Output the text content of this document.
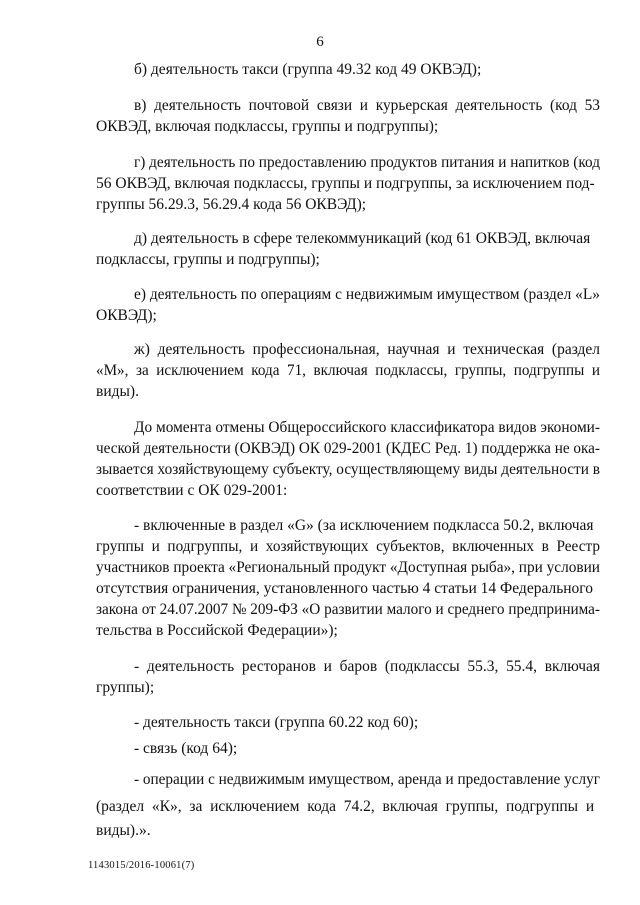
6
б) деятельность такси (группа 49.32 код 49 ОКВЭД);
в)  деятельность  почтовой  связи  и  курьерская  деятельность  (код  53
ОКВЭД, включая подклассы, группы и подгруппы);
г) деятельность по предоставлению продуктов питания и напитков (код
56 ОКВЭД, включая подклассы, группы и подгруппы, за исключением под-
группы 56.29.3, 56.29.4 кода 56 ОКВЭД);
д) деятельность в сфере телекоммуникаций (код 61 ОКВЭД, включая
подклассы, группы и подгруппы);
е) деятельность по операциям с недвижимым имуществом (раздел «L»
ОКВЭД);
ж)  деятельность  профессиональная,  научная  и  техническая  (раздел
«М»,  за  исключением  кода  71,  включая  подклассы,  группы,  подгруппы  и
виды).
До момента отмены Общероссийского классификатора видов экономи-
ческой деятельности (ОКВЭД) ОК 029-2001 (КДЕС Ред. 1) поддержка не ока-
зывается хозяйствующему субъекту, осуществляющему виды деятельности в
соответствии с ОК 029-2001:
- включенные в раздел «G» (за исключением подкласса 50.2, включая
группы  и  подгруппы,  и  хозяйствующих  субъектов,  включенных  в  Реестр
участников проекта «Региональный продукт «Доступная рыба», при условии
отсутствия ограничения, установленного частью 4 статьи 14 Федерального
закона от 24.07.2007 № 209-ФЗ «О развитии малого и среднего предпринима-
тельства в Российской Федерации»);
-  деятельность  ресторанов  и  баров  (подклассы  55.3,  55.4,  включая
группы);
- деятельность такси (группа 60.22 код 60);
- связь (код 64);
- операции с недвижимым имуществом, аренда и предоставление услуг
(раздел  «К»,  за  исключением  кода  74.2,  включая  группы,  подгруппы  и
виды).».
1143015/2016-10061(7)
